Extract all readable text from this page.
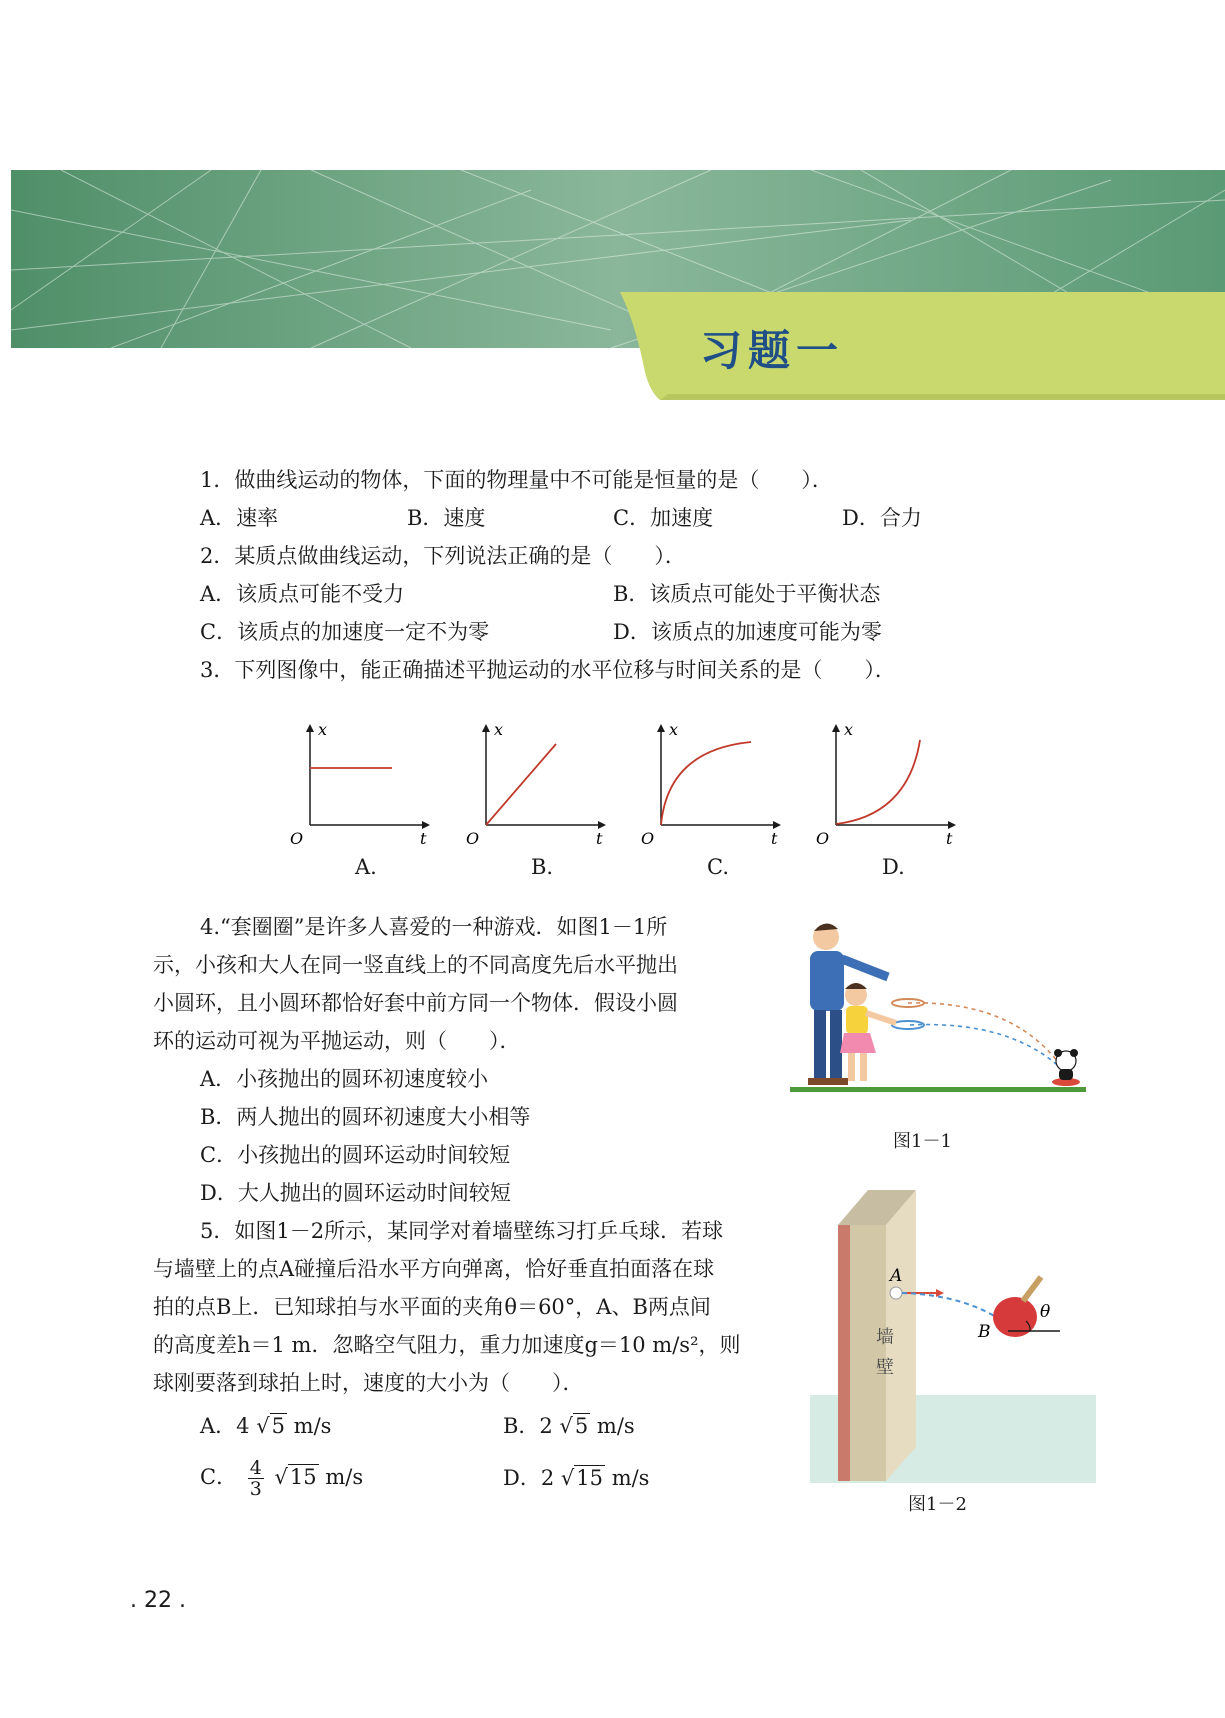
习题一
1．做曲线运动的物体，下面的物理量中不可能是恒量的是（　　）．
A．速率	B．速度	C．加速度	D．合力
2．某质点做曲线运动，下列说法正确的是（　　）．
A．该质点可能不受力	B．该质点可能处于平衡状态
C．该质点的加速度一定不为零	D．该质点的加速度可能为零
3．下列图像中，能正确描述平抛运动的水平位移与时间关系的是（　　）．
x
O	t
A.
x
O	t
B.
x
O	t
C.
x
O	t
D.
4.“套圈圈”是许多人喜爱的一种游戏．如图1－1所
示，小孩和大人在同一竖直线上的不同高度先后水平抛出
小圆环，且小圆环都恰好套中前方同一个物体．假设小圆
环的运动可视为平抛运动，则（　　）．
A．小孩抛出的圆环初速度较小
B．两人抛出的圆环初速度大小相等
C．小孩抛出的圆环运动时间较短
D．大人抛出的圆环运动时间较短
图1－1
5．如图1－2所示，某同学对着墙壁练习打乒乓球．若球
与墙壁上的点A碰撞后沿水平方向弹离，恰好垂直拍面落在球
拍的点B上．已知球拍与水平面的夹角θ＝60°，A、B两点间
的高度差h＝1 m．忽略空气阻力，重力加速度g＝10 m/s²，则
球刚要落到球拍上时，速度的大小为（　　）．
A．4 √5 m/s	B．2 √5 m/s
C． $\frac{4}{3} √15$ m/s	D．2 √15 m/s
A
B
θ
墙
壁
图1－2
. 22 .
